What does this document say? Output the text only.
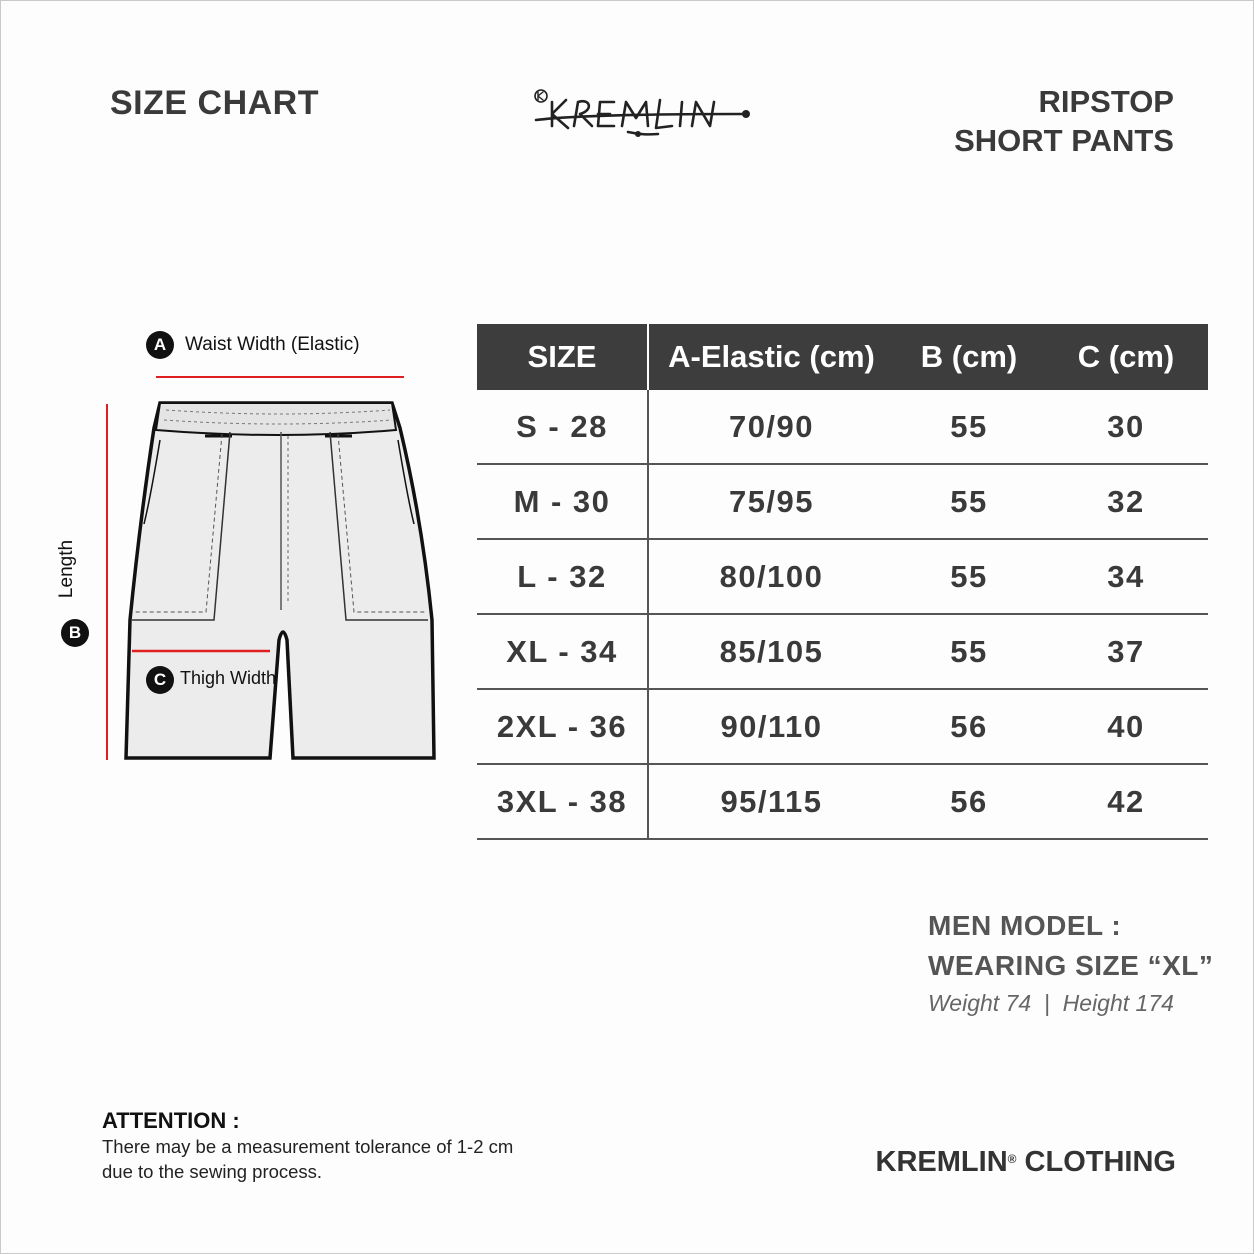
SIZE CHART	RIPSTOP
SHORT PANTS
A Waist Width (Elastic)
B
Length
C Thigh Width
SIZE	A-Elastic (cm)	B (cm)	C (cm)
S - 28	70/90	55	30
M - 30	75/95	55	32
L - 32	80/100	55	34
XL - 34	85/105	55	37
2XL - 36	90/110	56	40
3XL - 38	95/115	56	42
MEN MODEL :
WEARING SIZE “XL”
Weight 74  |  Height 174
ATTENTION :
There may be a measurement tolerance of 1-2 cm
due to the sewing process.	KREMLIN® CLOTHING
